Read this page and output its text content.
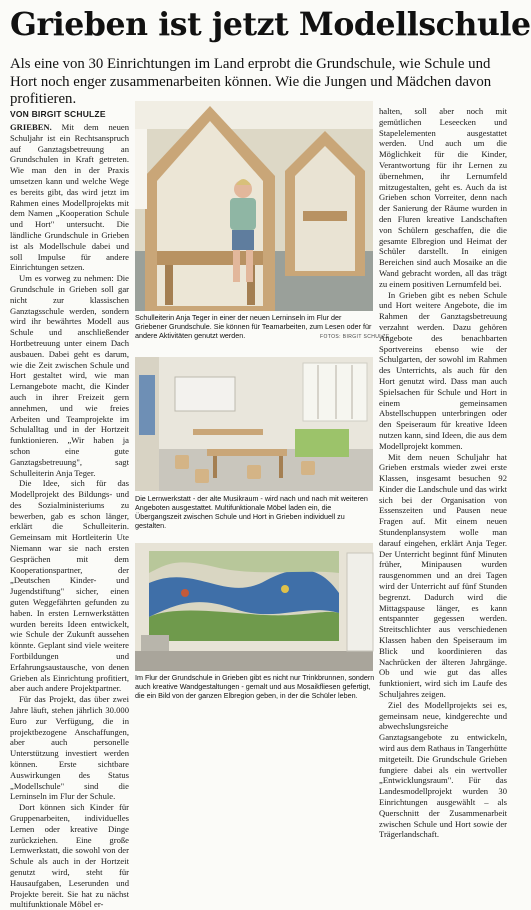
Grieben ist jetzt Modellschule

Als eine von 30 Einrichtungen im Land erprobt die Grundschule, wie Schule und Hort noch enger zusammenarbeiten können. Wie die Jungen und Mädchen davon profitieren.

VON BIRGIT SCHULZE

GRIEBEN. Mit dem neuen Schuljahr ist ein Rechtsanspruch auf Ganztagsbetreuung an Grundschulen in Kraft getreten. Wie man den in der Praxis umsetzen kann und welche Wege es bereits gibt, das wird jetzt im Rahmen eines Modellprojekts mit dem Namen „Kooperation Schule und Hort" untersucht. Die ländliche Grundschule in Grieben ist als Modellschule dabei und soll Impulse für andere Einrichtungen setzen.

Um es vorweg zu nehmen: Die Grundschule in Grieben soll gar nicht zur klassischen Ganztagsschule werden, sondern wird ihr bewährtes Modell aus Schule und anschließender Hortbetreuung unter einem Dach ausbauen. Dabei geht es darum, wie die Zeit zwischen Schule und Hort gestaltet wird, wie man Lernangebote macht, die Kinder auch in ihrer Freizeit gern annehmen, und wie freies Arbeiten und Teamprojekte im Schulalltag und in der Hortzeit funktionieren. „Wir haben ja schon eine gute Ganztagsbetreuung", sagt Schulleiterin Anja Teger.

Die Idee, sich für das Modellprojekt des Bildungs- und des Sozialministeriums zu bewerben, gab es schon länger, erklärt die Schulleiterin. Gemeinsam mit Hortleiterin Ute Niemann war sie nach ersten Gesprächen mit dem Kooperationspartner, der „Deutschen Kinder- und Jugendstiftung" sicher, einen guten Weggefährten gefunden zu haben. In ersten Lernwerkstätten wurden bereits Ideen entwickelt, wie Schule der Zukunft aussehen könnte. Geplant sind viele weitere Fortbildungen und Erfahrungsaustausche, von denen Grieben als Einrichtung profitiert, aber auch andere Projektpartner.

Für das Projekt, das über zwei Jahre läuft, stehen jährlich 30.000 Euro zur Verfügung, die in projektbezogene Anschaffungen, aber auch personelle Unterstützung investiert werden können. Erste sichtbare Auswirkungen des Status „Modellschule" sind die Lerninseln im Flur der Schule.

Dort können sich Kinder für Gruppenarbeiten, individuelles Lernen oder kreative Dinge zurückziehen. Eine große Lernwerkstatt, die sowohl von der Schule als auch in der Hortzeit genutzt wird, steht für Hausaufgaben, Leserunden und Projekte bereit. Sie hat zu nächst multifunktionale Möbel er-

Schulleiterin Anja Teger in einer der neuen Lerninseln im Flur der Griebener Grundschule. Sie können für Teamarbeiten, zum Lesen oder für andere Aktivitäten genutzt werden.	FOTOS: BIRGIT SCHULZE
Die Lernwerkstatt - der alte Musikraum - wird nach und nach mit weiteren Angeboten ausgestattet. Multifunktionale Möbel laden ein, die Übergangszeit zwischen Schule und Hort in Grieben individuell zu gestalten.
Im Flur der Grundschule in Grieben gibt es nicht nur Trinkbrunnen, sondern auch kreative Wandgestaltungen - gemalt und aus Mosaikfliesen gefertigt, die ein Bild von der ganzen Elbregion geben, in der die Schüler leben.

halten, soll aber noch mit gemütlichen Leseecken und Stapelelementen ausgestattet werden. Und auch um die Möglichkeit für die Kinder, Verantwortung für ihr Lernen zu übernehmen, ihr Lernumfeld mitzugestalten, geht es. Auch da ist Grieben schon Vorreiter, denn nach der Sanierung der Räume wurden in den Fluren kreative Landschaften von Schülern geschaffen, die die gesamte Elbregion und Heimat der Schüler darstellt. In einigen Bereichen sind auch Mosaike an die Wand gebracht worden, all das trägt zu einem positiven Lernumfeld bei.

In Grieben gibt es neben Schule und Hort weitere Angebote, die im Rahmen der Ganztagsbetreuung verzahnt werden. Dazu gehören Angebote des benachbarten Sportvereins ebenso wie der Schulgarten, der sowohl im Rahmen des Unterrichts, als auch für den Hort genutzt wird. Dass man auch Spielsachen für Schule und Hort in einem gemeinsamen Abstellschuppen unterbringen oder den Speiseraum für kreative Ideen nutzen kann, sind Ideen, die aus dem Modellprojekt kommen.

Mit dem neuen Schuljahr hat Grieben erstmals wieder zwei erste Klassen, insgesamt besuchen 92 Kinder die Landschule und das wirkt sich bei der Organisation von Essenszeiten und Pausen neue Fragen auf. Mit einem neuen Stundenplansystem wolle man darauf eingehen, erklärt Anja Teger. Der Unterricht beginnt fünf Minuten früher, Minipausen wurden rausgenommen und an drei Tagen wird der Unterricht auf fünf Stunden begrenzt. Dadurch wird die Mittagspause länger, es kann entspannter gegessen werden. Streitschlichter aus verschiedenen Klassen haben den Speiseraum im Blick und koordinieren das Nachrücken der älteren Jahrgänge. Ob und wie gut das alles funktioniert, wird sich im Laufe des Schuljahres zeigen.

Ziel des Modellprojekts sei es, gemeinsam neue, kindgerechte und abwechslungsreiche Ganztagsangebote zu entwickeln, wird aus dem Rathaus in Tangerhütte mitgeteilt. Die Grundschule Grieben fungiere dabei als ein wertvoller „Entwicklungsraum". Für das Landesmodellprojekt wurden 30 Einrichtungen ausgewählt – als Querschnitt der Zusammenarbeit zwischen Schule und Hort sowie der Trägerlandschaft.
